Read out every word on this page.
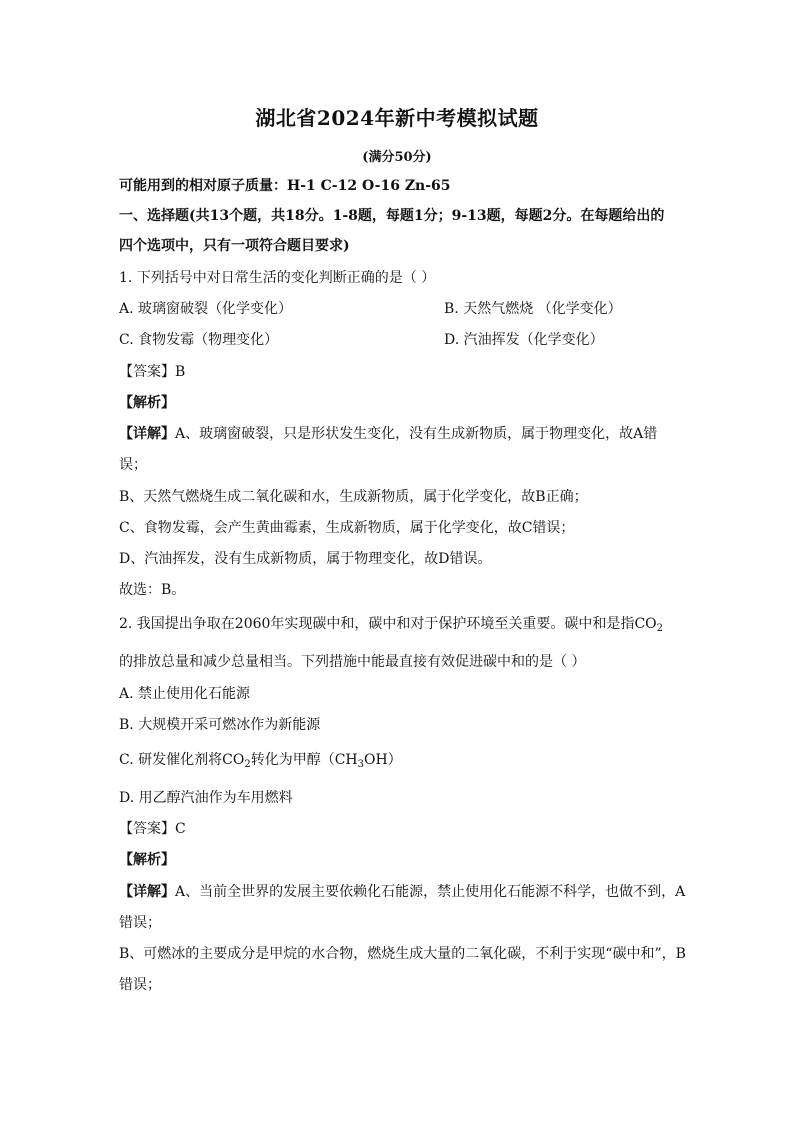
湖北省2024年新中考模拟试题
(满分50分)
可能用到的相对原子质量：H-1 C-12 O-16 Zn-65
一、选择题(共13个题，共18分。1-8题，每题1分；9-13题，每题2分。在每题给出的
四个选项中，只有一项符合题目要求)
1. 下列括号中对日常生活的变化判断正确的是（ ）
A. 玻璃窗破裂（化学变化）	B. 天然气燃烧 （化学变化）
C. 食物发霉（物理变化）	D. 汽油挥发（化学变化）
【答案】B
【解析】
【详解】A、玻璃窗破裂，只是形状发生变化，没有生成新物质，属于物理变化，故A错
误；
B、天然气燃烧生成二氧化碳和水，生成新物质，属于化学变化，故B正确；
C、食物发霉，会产生黄曲霉素，生成新物质，属于化学变化，故C错误；
D、汽油挥发，没有生成新物质，属于物理变化，故D错误。
故选：B。
2. 我国提出争取在2060年实现碳中和，碳中和对于保护环境至关重要。碳中和是指$CO_2$
的排放总量和减少总量相当。下列措施中能最直接有效促进碳中和的是（ ）
A. 禁止使用化石能源
B. 大规模开采可燃冰作为新能源
C. 研发催化剂将$CO_2$转化为甲醇$(CH_3OH)$
D. 用乙醇汽油作为车用燃料
【答案】C
【解析】
【详解】A、当前全世界的发展主要依赖化石能源，禁止使用化石能源不科学，也做不到，A
错误；
B、可燃冰的主要成分是甲烷的水合物，燃烧生成大量的二氧化碳，不利于实现“碳中和”，B
错误；
